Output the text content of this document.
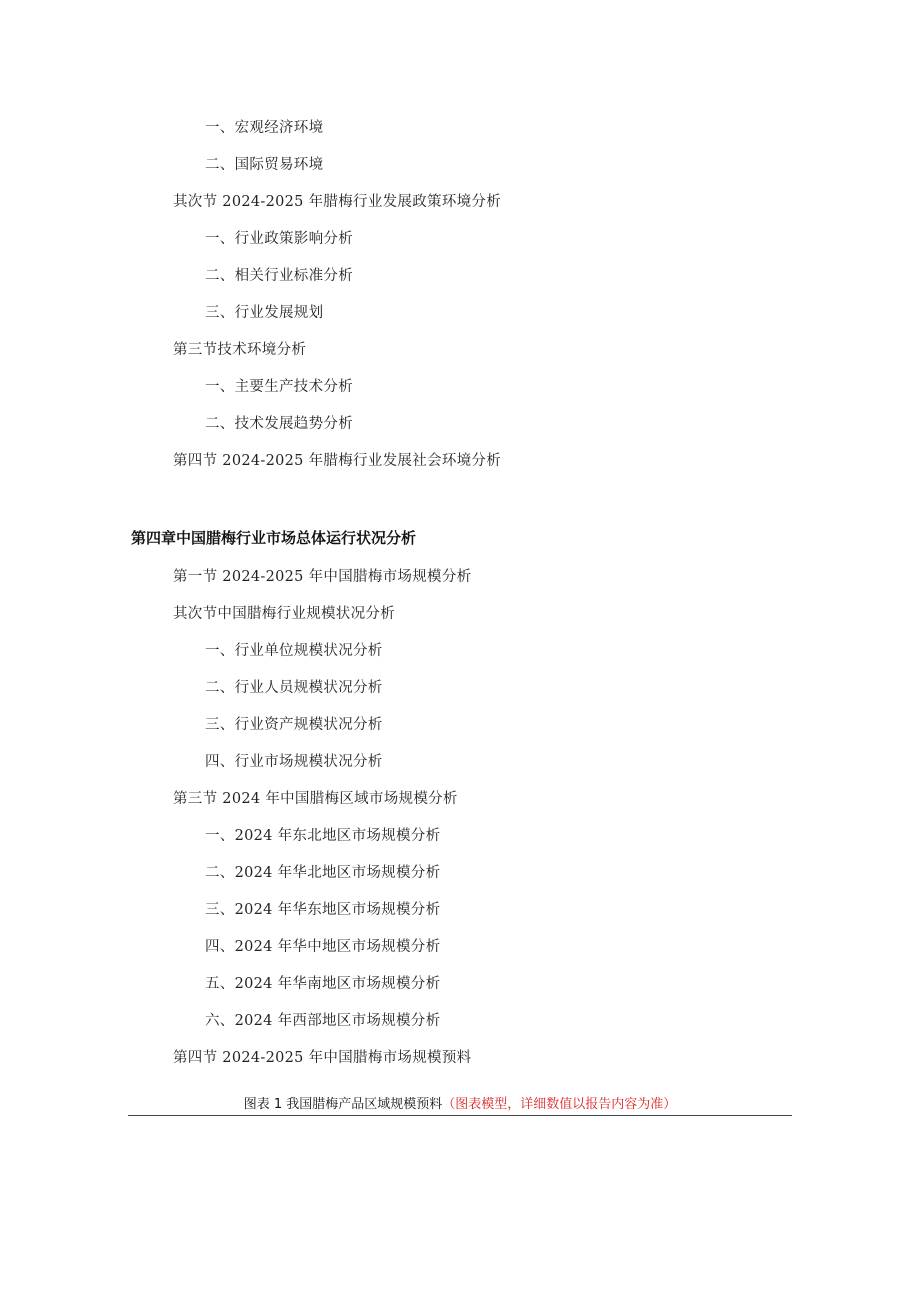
一、宏观经济环境
二、国际贸易环境
其次节 2024-2025 年腊梅行业发展政策环境分析
一、行业政策影响分析
二、相关行业标准分析
三、行业发展规划
第三节技术环境分析
一、主要生产技术分析
二、技术发展趋势分析
第四节 2024-2025 年腊梅行业发展社会环境分析
第四章中国腊梅行业市场总体运行状况分析
第一节 2024-2025 年中国腊梅市场规模分析
其次节中国腊梅行业规模状况分析
一、行业单位规模状况分析
二、行业人员规模状况分析
三、行业资产规模状况分析
四、行业市场规模状况分析
第三节 2024 年中国腊梅区域市场规模分析
一、2024 年东北地区市场规模分析
二、2024 年华北地区市场规模分析
三、2024 年华东地区市场规模分析
四、2024 年华中地区市场规模分析
五、2024 年华南地区市场规模分析
六、2024 年西部地区市场规模分析
第四节 2024-2025 年中国腊梅市场规模预料
图表 1 我国腊梅产品区域规模预料（图表模型，详细数值以报告内容为准）
